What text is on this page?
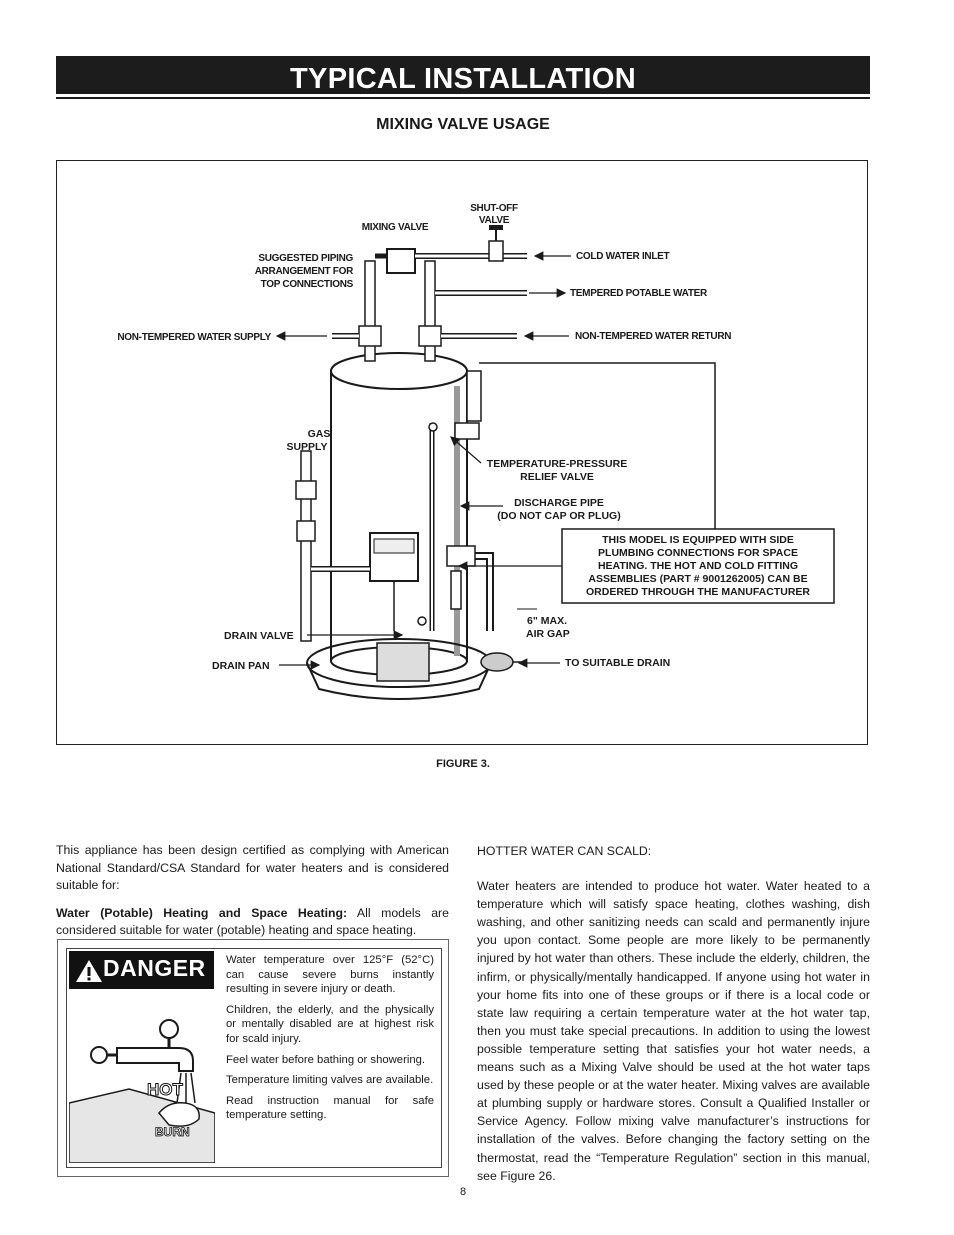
TYPICAL INSTALLATION
MIXING VALVE USAGE
SHUT-OFF
VALVE
MIXING VALVE
SUGGESTED PIPING
ARRANGEMENT FOR
TOP CONNECTIONS
COLD WATER INLET
TEMPERED POTABLE WATER
NON-TEMPERED WATER SUPPLY	NON-TEMPERED WATER RETURN
GAS
SUPPLY
TEMPERATURE-PRESSURE
RELIEF VALVE
DISCHARGE PIPE
(DO NOT CAP OR PLUG)
THIS MODEL IS EQUIPPED WITH SIDE
PLUMBING CONNECTIONS FOR SPACE
HEATING. THE HOT AND COLD FITTING
ASSEMBLIES (PART # 9001262005) CAN BE
ORDERED THROUGH THE MANUFACTURER
6" MAX.
AIR GAP
DRAIN VALVE
DRAIN PAN	TO SUITABLE DRAIN
FIGURE 3.

This appliance has been design certified as complying with American National Standard/CSA Standard for water heaters and is considered suitable for:

Water (Potable) Heating and Space Heating: All models are considered suitable for water (potable) heating and space heating.

DANGER
HOT
BURN

Water temperature over 125°F (52°C) can cause severe burns instantly resulting in severe injury or death.

Children, the elderly, and the physically or mentally disabled are at highest risk for scald injury.

Feel water before bathing or showering.

Temperature limiting valves are available.

Read instruction manual for safe temperature setting.

HOTTER WATER CAN SCALD:

Water heaters are intended to produce hot water. Water heated to a temperature which will satisfy space heating, clothes washing, dish washing, and other sanitizing needs can scald and permanently injure you upon contact. Some people are more likely to be permanently injured by hot water than others. These include the elderly, children, the infirm, or physically/mentally handicapped. If anyone using hot water in your home fits into one of these groups or if there is a local code or state law requiring a certain temperature water at the hot water tap, then you must take special precautions. In addition to using the lowest possible temperature setting that satisfies your hot water needs, a means such as a Mixing Valve should be used at the hot water taps used by these people or at the water heater. Mixing valves are available at plumbing supply or hardware stores. Consult a Qualified Installer or Service Agency. Follow mixing valve manufacturer’s instructions for installation of the valves. Before changing the factory setting on the thermostat, read the “Temperature Regulation” section in this manual, see Figure 26.

8
